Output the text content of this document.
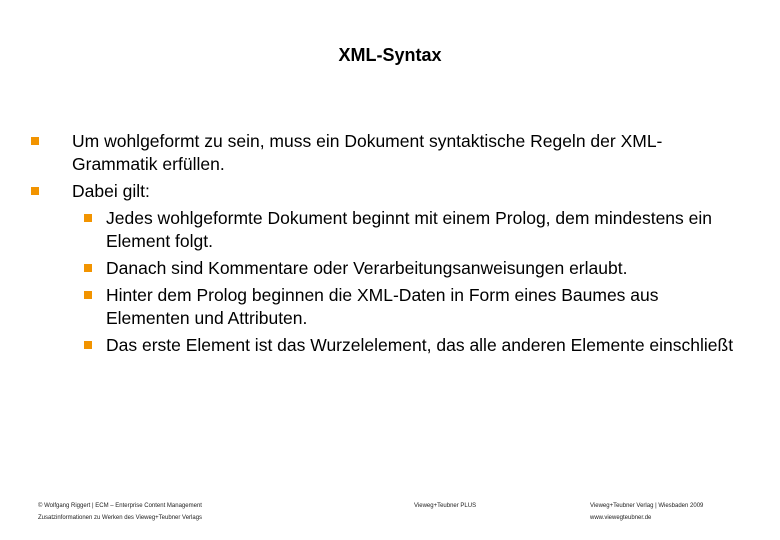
XML-Syntax
Um wohlgeformt zu sein, muss ein Dokument syntaktische Regeln der XML-Grammatik erfüllen.
Dabei gilt:
Jedes wohlgeformte Dokument beginnt mit einem Prolog, dem mindestens ein Element folgt.
Danach sind Kommentare oder Verarbeitungsanweisungen erlaubt.
Hinter dem Prolog beginnen die XML-Daten in Form eines Baumes aus Elementen und Attributen.
Das erste Element ist das Wurzelelement, das alle anderen Elemente einschließt
© Wolfgang Riggert | ECM – Enterprise Content Management
Zusatzinformationen zu Werken des Vieweg+Teubner Verlags
Vieweg+Teubner PLUS	Vieweg+Teubner Verlag | Wiesbaden 2009
www.viewegteubner.de
